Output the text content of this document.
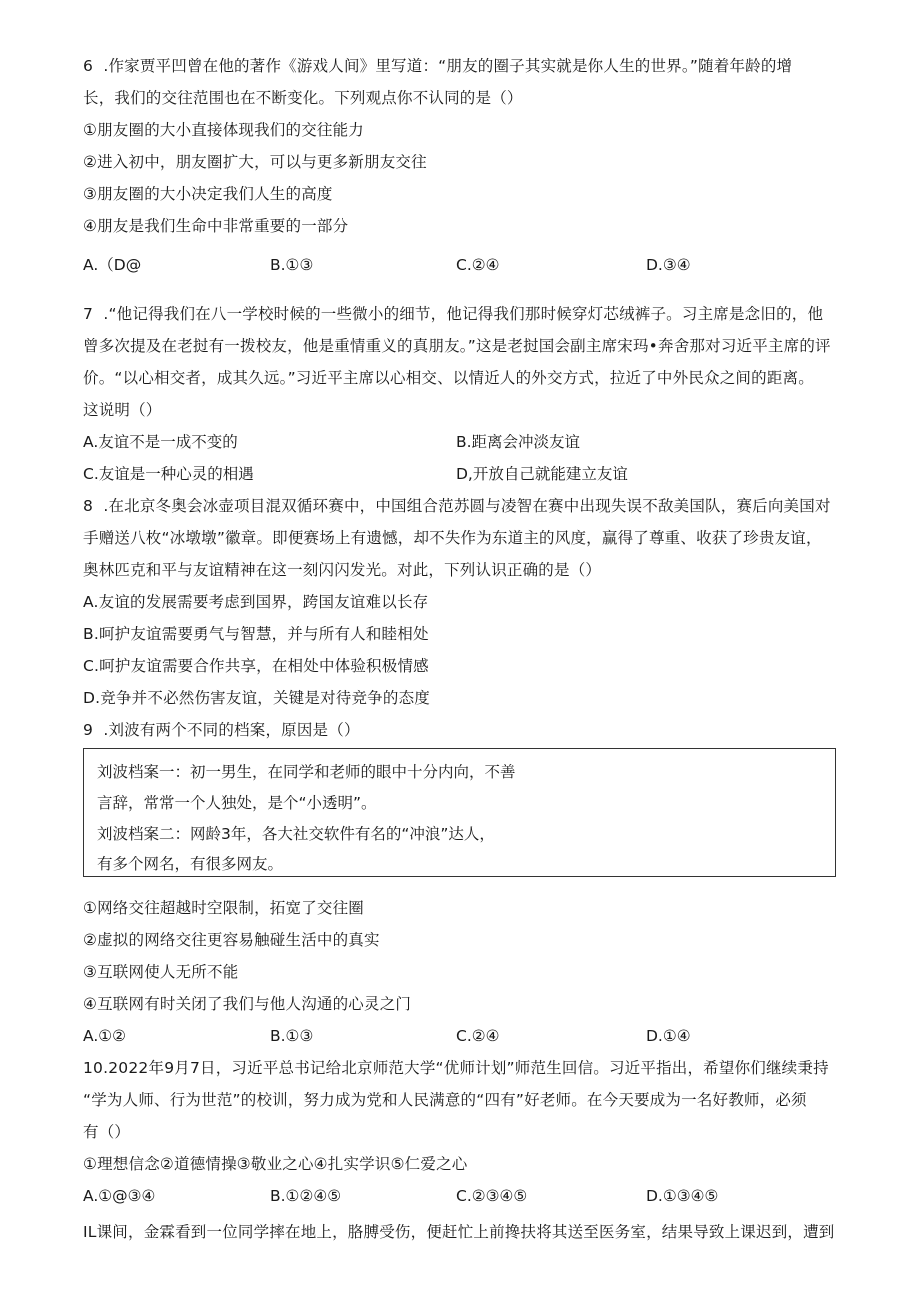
6  .作家贾平凹曾在他的著作《游戏人间》里写道：“朋友的圈子其实就是你人生的世界。”随着年龄的增
长，我们的交往范围也在不断变化。下列观点你不认同的是（）
①朋友圈的大小直接体现我们的交往能力
②进入初中，朋友圈扩大，可以与更多新朋友交往
③朋友圈的大小决定我们人生的高度
④朋友是我们生命中非常重要的一部分
A.（D@	B.①③	C.②④	D.③④
7  .“他记得我们在八一学校时候的一些微小的细节，他记得我们那时候穿灯芯绒裤子。习主席是念旧的，他
曾多次提及在老挝有一拨校友，他是重情重义的真朋友。”这是老挝国会副主席宋玛•奔舍那对习近平主席的评
价。“以心相交者，成其久远。”习近平主席以心相交、以情近人的外交方式，拉近了中外民众之间的距离。
这说明（）
A.友谊不是一成不变的	B.距离会冲淡友谊
C.友谊是一种心灵的相遇	D,开放自己就能建立友谊
8  .在北京冬奥会冰壶项目混双循环赛中，中国组合范苏圆与凌智在赛中出现失误不敌美国队，赛后向美国对
手赠送八枚“冰墩墩”徽章。即便赛场上有遗憾，却不失作为东道主的风度，赢得了尊重、收获了珍贵友谊，
奥林匹克和平与友谊精神在这一刻闪闪发光。对此，下列认识正确的是（）
A.友谊的发展需要考虑到国界，跨国友谊难以长存
B.呵护友谊需要勇气与智慧，并与所有人和睦相处
C.呵护友谊需要合作共享，在相处中体验积极情感
D.竞争并不必然伤害友谊，关键是对待竞争的态度
9  .刘波有两个不同的档案，原因是（）
刘波档案一：初一男生，在同学和老师的眼中十分内向，不善
言辞，常常一个人独处，是个“小透明”。
刘波档案二：网龄3年，各大社交软件有名的“冲浪”达人，
有多个网名，有很多网友。
①网络交往超越时空限制，拓宽了交往圈
②虚拟的网络交往更容易触碰生活中的真实
③互联网使人无所不能
④互联网有时关闭了我们与他人沟通的心灵之门
A.①②	B.①③	C.②④	D.①④
10.2022年9月7日，习近平总书记给北京师范大学“优师计划”师范生回信。习近平指出，希望你们继续秉持
“学为人师、行为世范”的校训，努力成为党和人民满意的“四有”好老师。在今天要成为一名好教师，必须
有（）
①理想信念②道德情操③敬业之心④扎实学识⑤仁爱之心
A.①@③④	B.①②④⑤	C.②③④⑤	D.①③④⑤
IL课间，金霖看到一位同学摔在地上，胳膊受伤，便赶忙上前搀扶将其送至医务室，结果导致上课迟到，遭到
